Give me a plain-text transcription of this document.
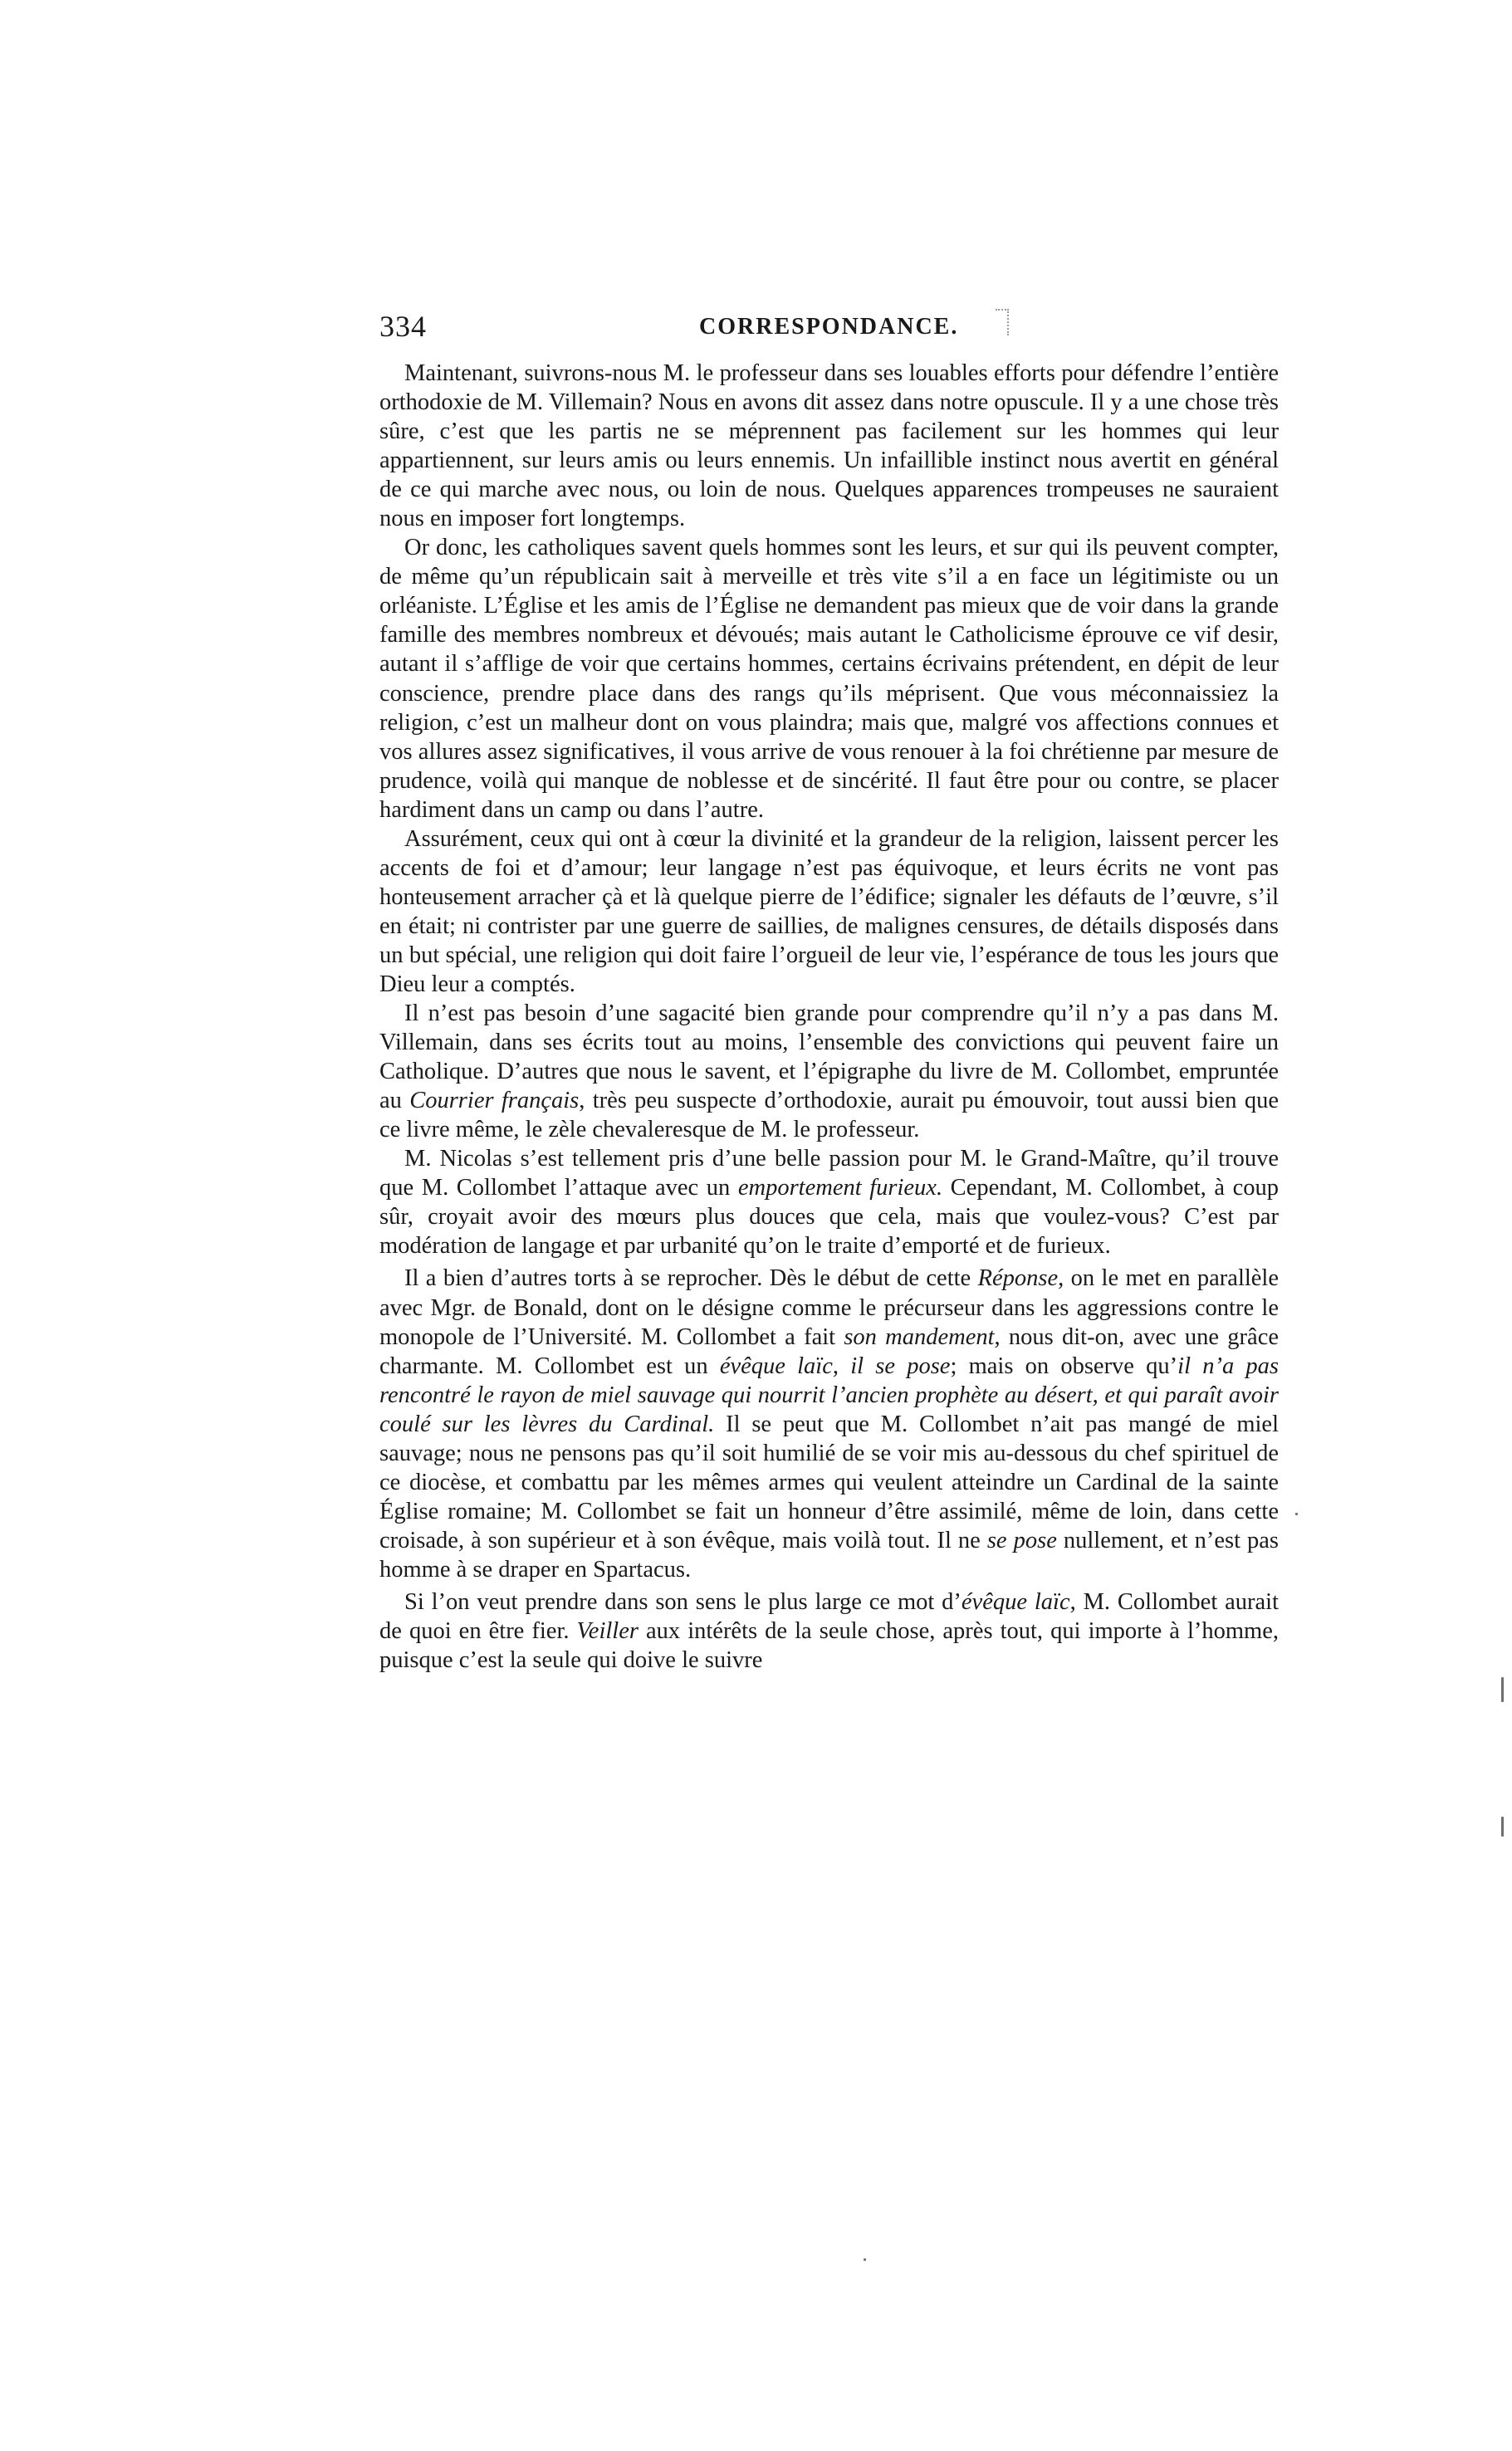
334	CORRESPONDANCE.

Maintenant, suivrons-nous M. le professeur dans ses louables efforts pour défendre l’entière orthodoxie de M. Villemain? Nous en avons dit assez dans notre opuscule. Il y a une chose très sûre, c’est que les partis ne se méprennent pas facilement sur les hommes qui leur appartiennent, sur leurs amis ou leurs ennemis. Un infaillible instinct nous avertit en général de ce qui marche avec nous, ou loin de nous. Quelques apparences trompeuses ne sauraient nous en imposer fort longtemps.

Or donc, les catholiques savent quels hommes sont les leurs, et sur qui ils peuvent compter, de même qu’un républicain sait à merveille et très vite s’il a en face un légitimiste ou un orléaniste. L’Église et les amis de l’Église ne demandent pas mieux que de voir dans la grande famille des membres nombreux et dévoués; mais autant le Catholicisme éprouve ce vif desir, autant il s’afflige de voir que certains hommes, certains écrivains prétendent, en dépit de leur conscience, prendre place dans des rangs qu’ils méprisent. Que vous méconnaissiez la religion, c’est un malheur dont on vous plaindra; mais que, malgré vos affections connues et vos allures assez significatives, il vous arrive de vous renouer à la foi chrétienne par mesure de prudence, voilà qui manque de noblesse et de sincérité. Il faut être pour ou contre, se placer hardiment dans un camp ou dans l’autre.

Assurément, ceux qui ont à cœur la divinité et la grandeur de la religion, laissent percer les accents de foi et d’amour; leur langage n’est pas équivoque, et leurs écrits ne vont pas honteusement arracher çà et là quelque pierre de l’édifice; signaler les défauts de l’œuvre, s’il en était; ni contrister par une guerre de saillies, de malignes censures, de détails disposés dans un but spécial, une religion qui doit faire l’orgueil de leur vie, l’espérance de tous les jours que Dieu leur a comptés.

Il n’est pas besoin d’une sagacité bien grande pour comprendre qu’il n’y a pas dans M. Villemain, dans ses écrits tout au moins, l’ensemble des convictions qui peuvent faire un Catholique. D’autres que nous le savent, et l’épigraphe du livre de M. Collombet, empruntée au Courrier français, très peu suspecte d’orthodoxie, aurait pu émouvoir, tout aussi bien que ce livre même, le zèle chevaleresque de M. le professeur.

M. Nicolas s’est tellement pris d’une belle passion pour M. le Grand-Maître, qu’il trouve que M. Collombet l’attaque avec un emportement furieux. Cependant, M. Collombet, à coup sûr, croyait avoir des mœurs plus douces que cela, mais que voulez-vous? C’est par modération de langage et par urbanité qu’on le traite d’emporté et de furieux.

Il a bien d’autres torts à se reprocher. Dès le début de cette Réponse, on le met en parallèle avec Mgr. de Bonald, dont on le désigne comme le précurseur dans les aggressions contre le monopole de l’Université. M. Collombet a fait son mandement, nous dit-on, avec une grâce charmante. M. Collombet est un évêque laïc, il se pose; mais on observe qu’il n’a pas rencontré le rayon de miel sauvage qui nourrit l’ancien prophète au désert, et qui paraît avoir coulé sur les lèvres du Cardinal. Il se peut que M. Collombet n’ait pas mangé de miel sauvage; nous ne pensons pas qu’il soit humilié de se voir mis au-dessous du chef spirituel de ce diocèse, et combattu par les mêmes armes qui veulent atteindre un Cardinal de la sainte Église romaine; M. Collombet se fait un honneur d’être assimilé, même de loin, dans cette croisade, à son supérieur et à son évêque, mais voilà tout. Il ne se pose nullement, et n’est pas homme à se draper en Spartacus.

Si l’on veut prendre dans son sens le plus large ce mot d’évêque laïc, M. Collombet aurait de quoi en être fier. Veiller aux intérêts de la seule chose, après tout, qui importe à l’homme, puisque c’est la seule qui doive le suivre
